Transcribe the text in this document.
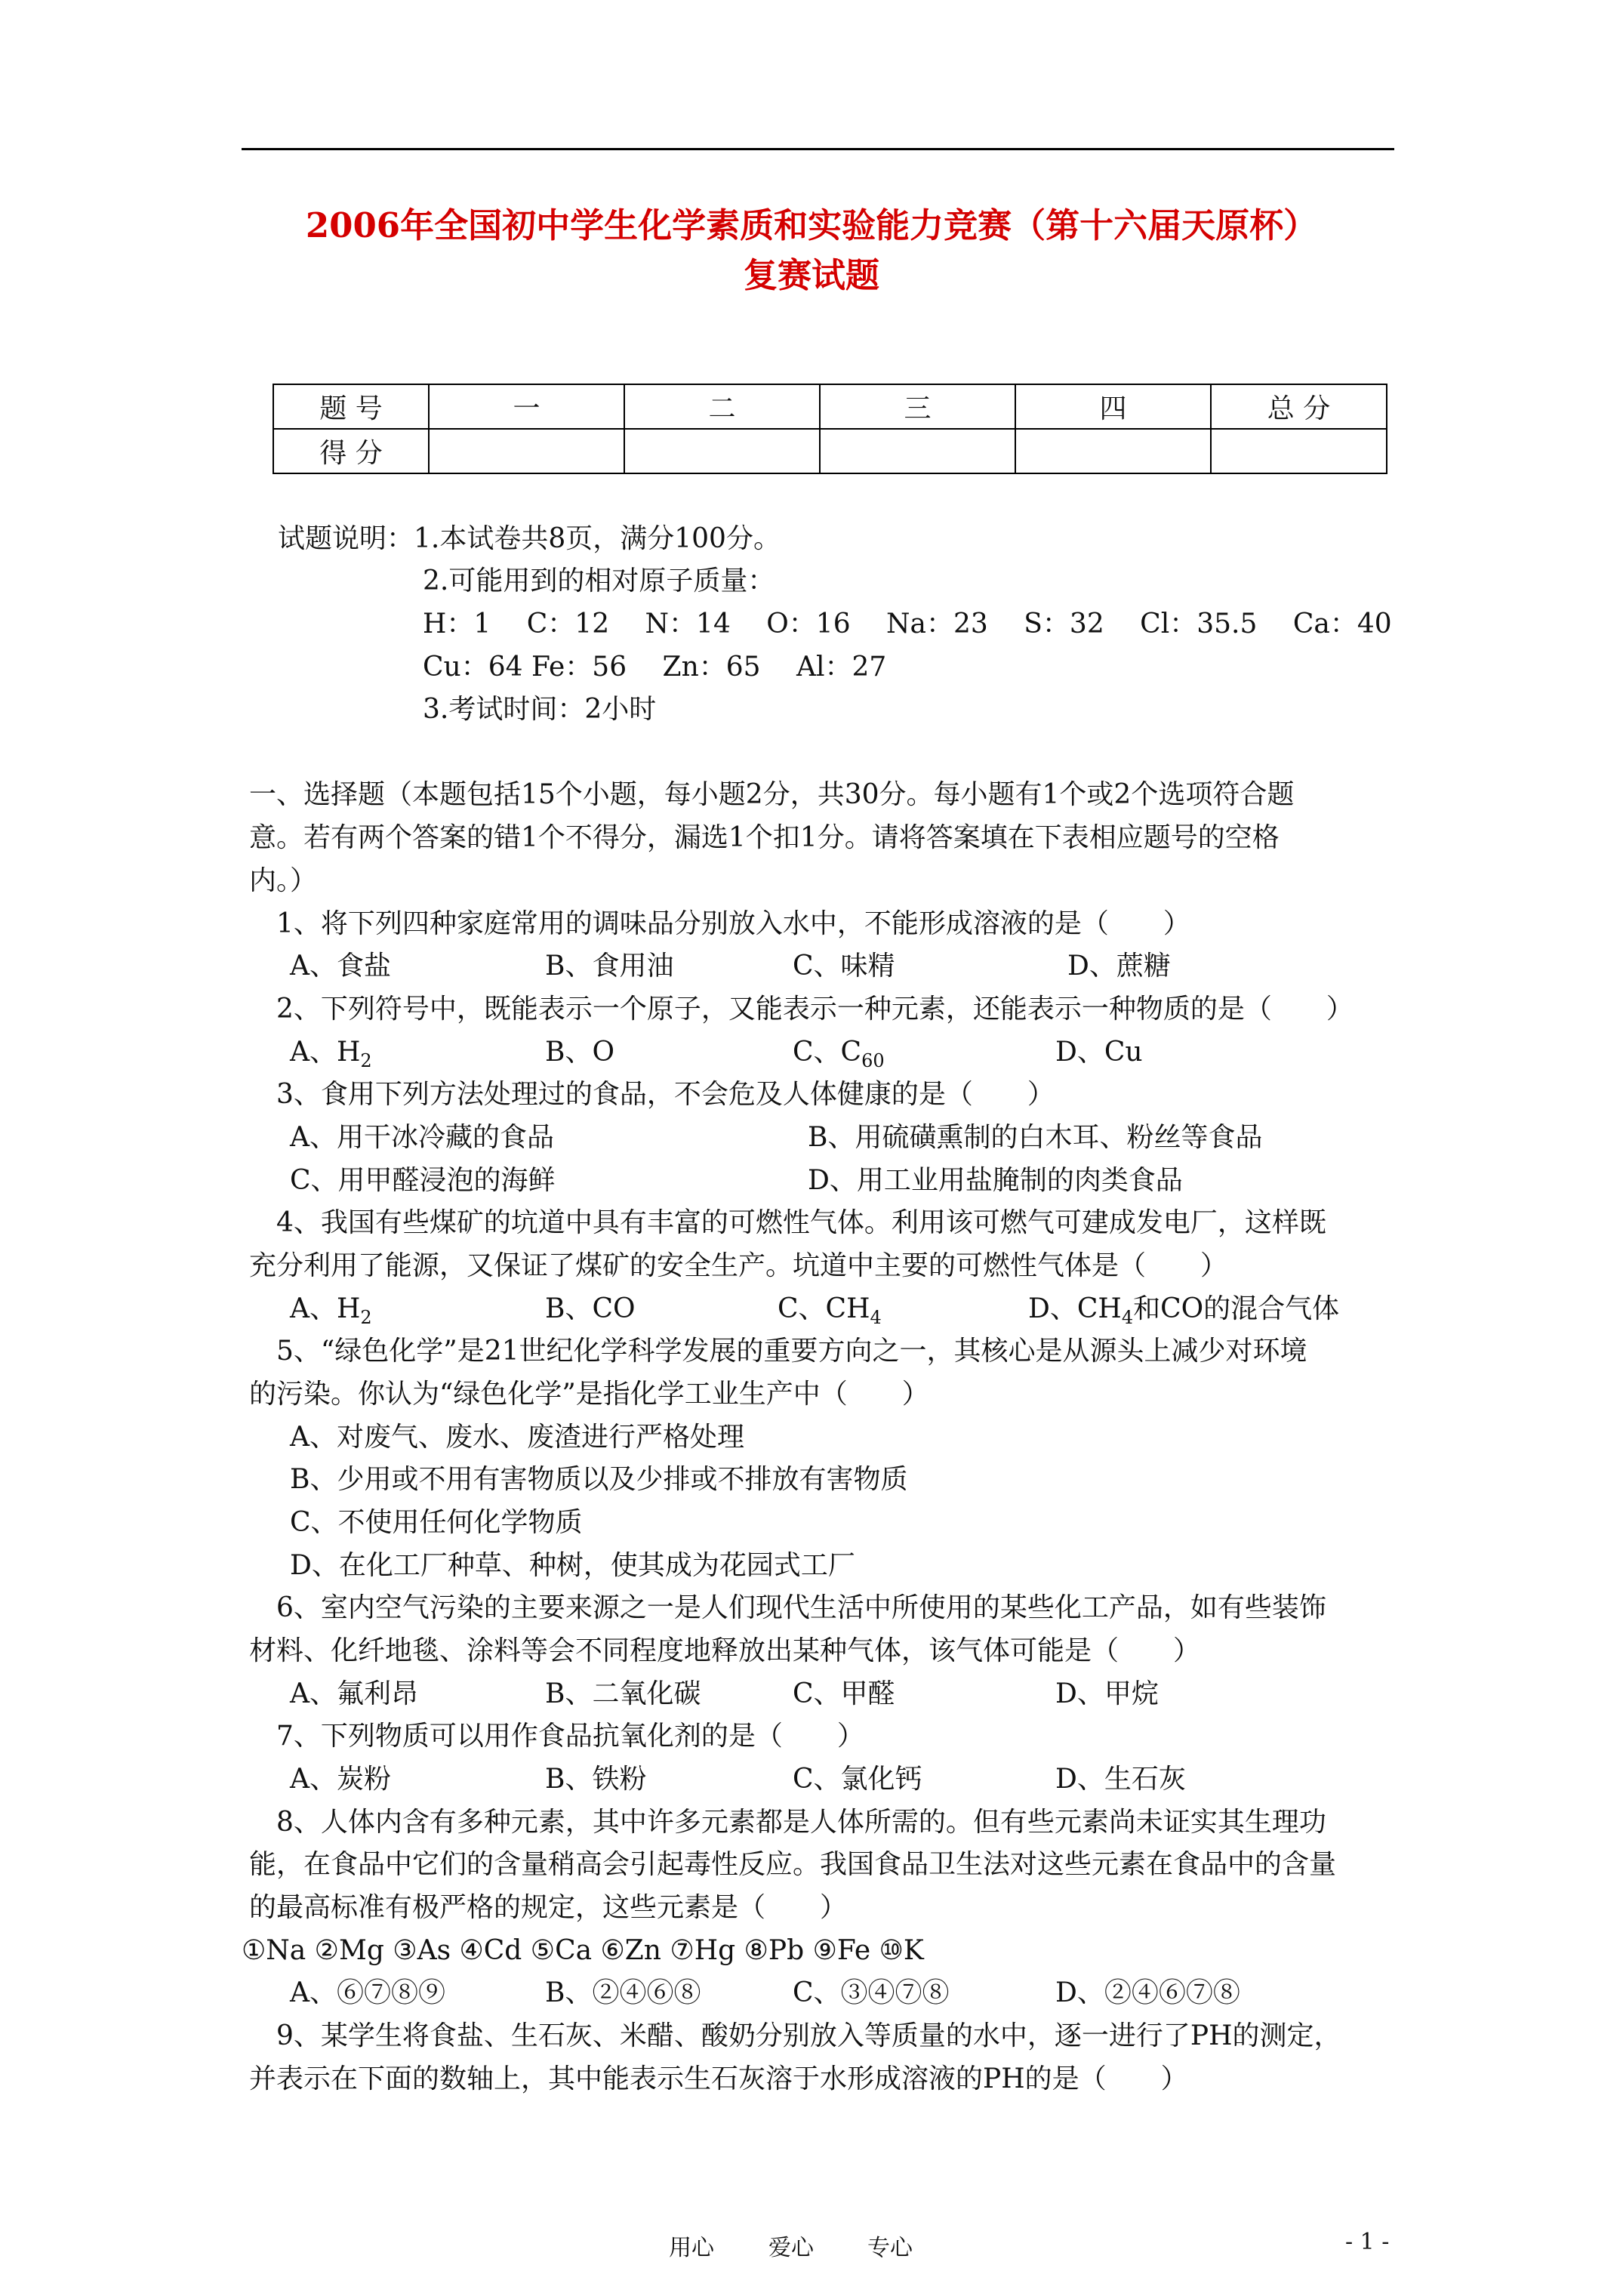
2006年全国初中学生化学素质和实验能力竞赛（第十六届天原杯）
复赛试题
题 号	一	二	三	四	总 分
得 分					
试题说明：1.本试卷共8页，满分100分。
2.可能用到的相对原子质量：
H：1　 C：12　 N：14　 O：16　 Na：23　 S：32　 Cl：35.5　 Ca：40
Cu：64 Fe：56　 Zn：65　 Al：27
3.考试时间：2小时
一、选择题（本题包括15个小题，每小题2分，共30分。每小题有1个或2个选项符合题
意。若有两个答案的错1个不得分，漏选1个扣1分。请将答案填在下表相应题号的空格
内。）
1、将下列四种家庭常用的调味品分别放入水中，不能形成溶液的是（　　）
A、食盐	B、食用油	C、味精	D、蔗糖
2、下列符号中，既能表示一个原子，又能表示一种元素，还能表示一种物质的是（　　）
A、$H_2$	B、O	C、$C_{60}$	D、Cu
3、食用下列方法处理过的食品，不会危及人体健康的是（　　）
A、用干冰冷藏的食品	B、用硫磺熏制的白木耳、粉丝等食品
C、用甲醛浸泡的海鲜	D、用工业用盐腌制的肉类食品
4、我国有些煤矿的坑道中具有丰富的可燃性气体。利用该可燃气可建成发电厂，这样既
充分利用了能源，又保证了煤矿的安全生产。坑道中主要的可燃性气体是（　　）
A、$H_2$	B、CO	C、$CH_4$	D、$CH_4$和CO的混合气体
5、“绿色化学”是21世纪化学科学发展的重要方向之一，其核心是从源头上减少对环境
的污染。你认为“绿色化学”是指化学工业生产中（　　）
A、对废气、废水、废渣进行严格处理
B、少用或不用有害物质以及少排或不排放有害物质
C、不使用任何化学物质
D、在化工厂种草、种树，使其成为花园式工厂
6、室内空气污染的主要来源之一是人们现代生活中所使用的某些化工产品，如有些装饰
材料、化纤地毯、涂料等会不同程度地释放出某种气体，该气体可能是（　　）
A、氟利昂	B、二氧化碳	C、甲醛	D、甲烷
7、下列物质可以用作食品抗氧化剂的是（　　）
A、炭粉	B、铁粉	C、氯化钙	D、生石灰
8、人体内含有多种元素，其中许多元素都是人体所需的。但有些元素尚未证实其生理功
能，在食品中它们的含量稍高会引起毒性反应。我国食品卫生法对这些元素在食品中的含量
的最高标准有极严格的规定，这些元素是（　　）
①Na ②Mg ③As ④Cd ⑤Ca ⑥Zn ⑦Hg ⑧Pb ⑨Fe ⑩K
A、⑥⑦⑧⑨	B、②④⑥⑧	C、③④⑦⑧	D、②④⑥⑦⑧
9、某学生将食盐、生石灰、米醋、酸奶分别放入等质量的水中，逐一进行了PH的测定，
并表示在下面的数轴上，其中能表示生石灰溶于水形成溶液的PH的是（　　）
用心 爱心 专心	- 1 -
